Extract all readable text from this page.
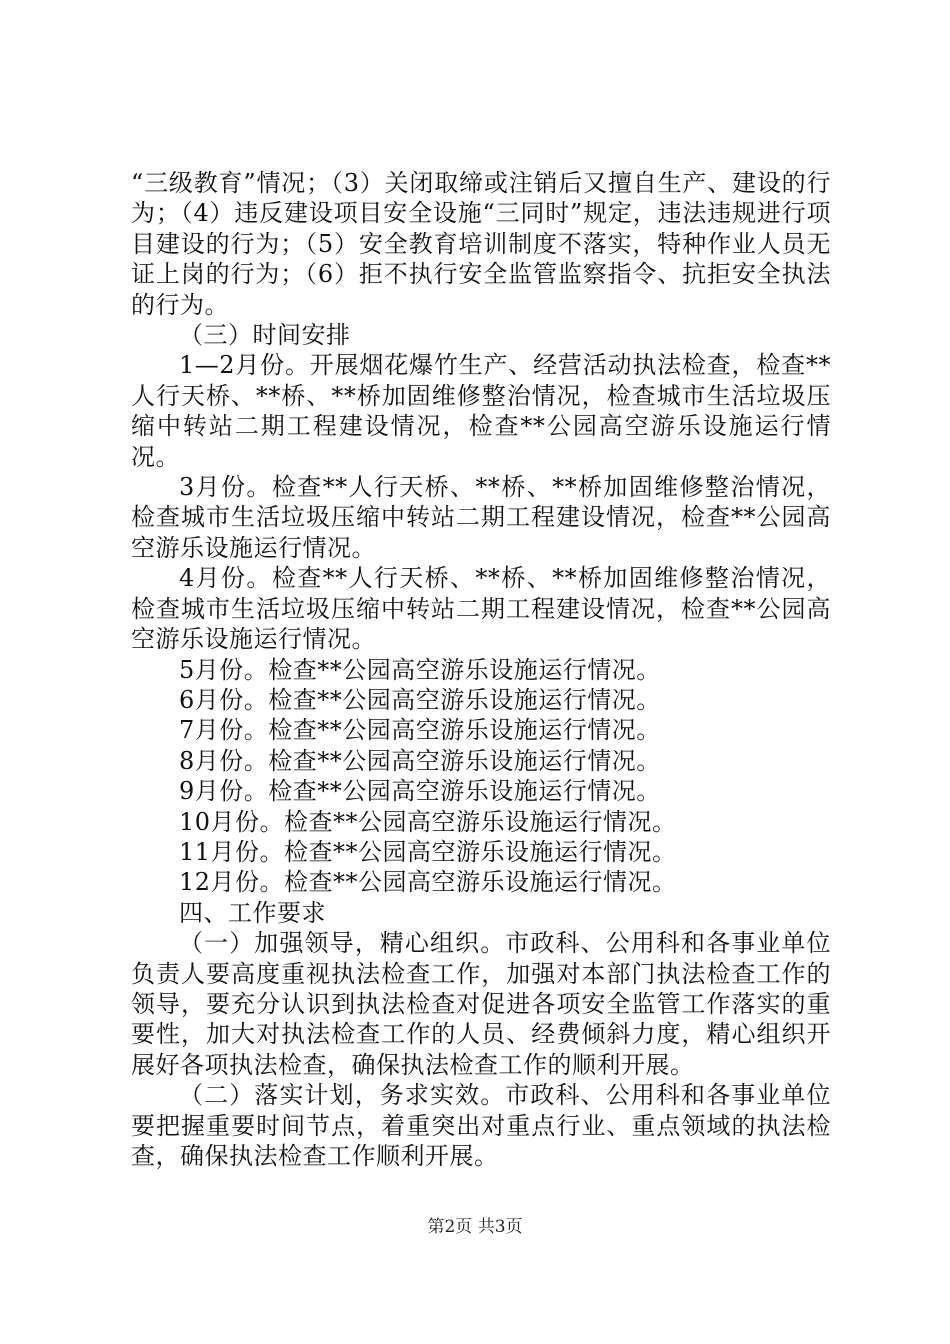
“三级教育”情况；（3）关闭取缔或注销后又擅自生产、建设的行为；（4）违反建设项目安全设施“三同时”规定，违法违规进行项目建设的行为；（5）安全教育培训制度不落实，特种作业人员无证上岗的行为；（6）拒不执行安全监管监察指令、抗拒安全执法的行为。

（三）时间安排

1—2月份。开展烟花爆竹生产、经营活动执法检查，检查**人行天桥、**桥、**桥加固维修整治情况，检查城市生活垃圾压缩中转站二期工程建设情况，检查**公园高空游乐设施运行情况。

3月份。检查**人行天桥、**桥、**桥加固维修整治情况，检查城市生活垃圾压缩中转站二期工程建设情况，检查**公园高空游乐设施运行情况。

4月份。检查**人行天桥、**桥、**桥加固维修整治情况，检查城市生活垃圾压缩中转站二期工程建设情况，检查**公园高空游乐设施运行情况。

5月份。检查**公园高空游乐设施运行情况。

6月份。检查**公园高空游乐设施运行情况。

7月份。检查**公园高空游乐设施运行情况。

8月份。检查**公园高空游乐设施运行情况。

9月份。检查**公园高空游乐设施运行情况。

10月份。检查**公园高空游乐设施运行情况。

11月份。检查**公园高空游乐设施运行情况。

12月份。检查**公园高空游乐设施运行情况。

四、工作要求

（一）加强领导，精心组织。市政科、公用科和各事业单位负责人要高度重视执法检查工作，加强对本部门执法检查工作的领导，要充分认识到执法检查对促进各项安全监管工作落实的重要性，加大对执法检查工作的人员、经费倾斜力度，精心组织开展好各项执法检查，确保执法检查工作的顺利开展。

（二）落实计划，务求实效。市政科、公用科和各事业单位要把握重要时间节点，着重突出对重点行业、重点领域的执法检查，确保执法检查工作顺利开展。

第2页 共3页
